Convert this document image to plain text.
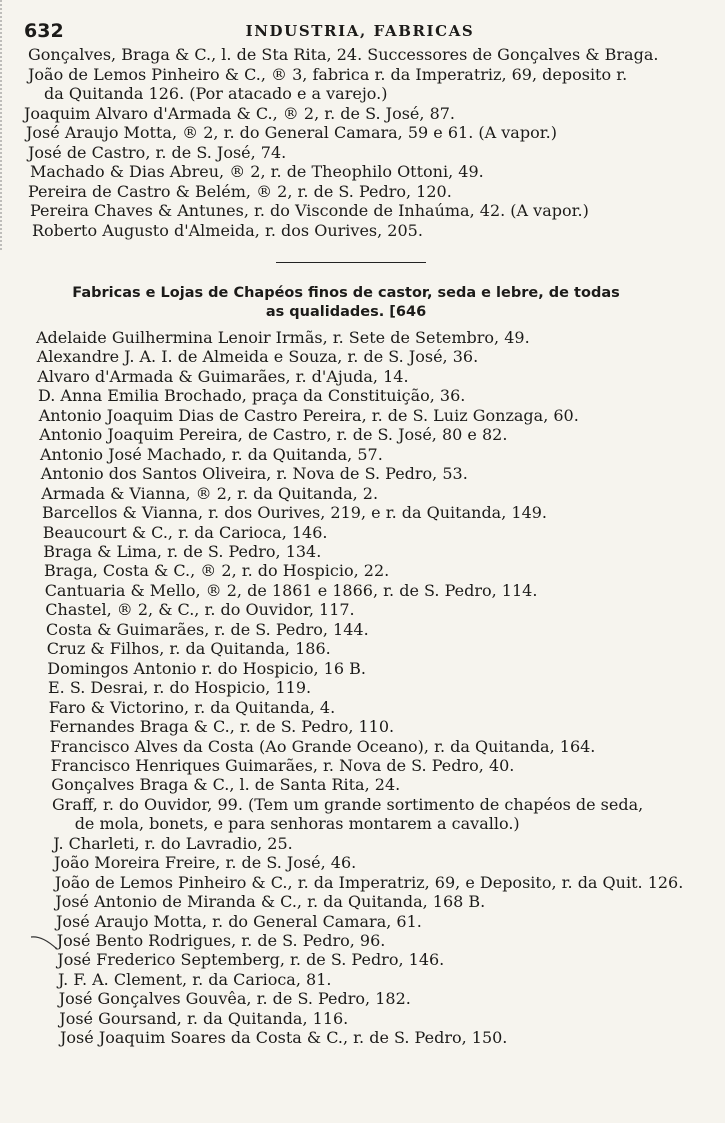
632	INDUSTRIA, FABRICAS
Gonçalves, Braga & C., l. de Sta Rita, 24. Successores de Gonçalves & Braga.
João de Lemos Pinheiro & C., ® 3, fabrica r. da Imperatriz, 69, deposito r.
da Quitanda 126. (Por atacado e a varejo.)
Joaquim Alvaro d'Armada & C., ® 2, r. de S. José, 87.
José Araujo Motta, ® 2, r. do General Camara, 59 e 61. (A vapor.)
José de Castro, r. de S. José, 74.
Machado & Dias Abreu, ® 2, r. de Theophilo Ottoni, 49.
Pereira de Castro & Belém, ® 2, r. de S. Pedro, 120.
Pereira Chaves & Antunes, r. do Visconde de Inhaúma, 42. (A vapor.)
Roberto Augusto d'Almeida, r. dos Ourives, 205.
Fabricas e Lojas de Chapéos finos de castor, seda e lebre, de todas as qualidades. [646
Adelaide Guilhermina Lenoir Irmãs, r. Sete de Setembro, 49.
Alexandre J. A. I. de Almeida e Souza, r. de S. José, 36.
Alvaro d'Armada & Guimarães, r. d'Ajuda, 14.
D. Anna Emilia Brochado, praça da Constituição, 36.
Antonio Joaquim Dias de Castro Pereira, r. de S. Luiz Gonzaga, 60.
Antonio Joaquim Pereira, de Castro, r. de S. José, 80 e 82.
Antonio José Machado, r. da Quitanda, 57.
Antonio dos Santos Oliveira, r. Nova de S. Pedro, 53.
Armada & Vianna, ® 2, r. da Quitanda, 2.
Barcellos & Vianna, r. dos Ourives, 219, e r. da Quitanda, 149.
Beaucourt & C., r. da Carioca, 146.
Braga & Lima, r. de S. Pedro, 134.
Braga, Costa & C., ® 2, r. do Hospicio, 22.
Cantuaria & Mello, ® 2, de 1861 e 1866, r. de S. Pedro, 114.
Chastel, ® 2, & C., r. do Ouvidor, 117.
Costa & Guimarães, r. de S. Pedro, 144.
Cruz & Filhos, r. da Quitanda, 186.
Domingos Antonio r. do Hospicio, 16 B.
E. S. Desrai, r. do Hospicio, 119.
Faro & Victorino, r. da Quitanda, 4.
Fernandes Braga & C., r. de S. Pedro, 110.
Francisco Alves da Costa (Ao Grande Oceano), r. da Quitanda, 164.
Francisco Henriques Guimarães, r. Nova de S. Pedro, 40.
Gonçalves Braga & C., l. de Santa Rita, 24.
Graff, r. do Ouvidor, 99. (Tem um grande sortimento de chapéos de seda,
de mola, bonets, e para senhoras montarem a cavallo.)
J. Charleti, r. do Lavradio, 25.
João Moreira Freire, r. de S. José, 46.
João de Lemos Pinheiro & C., r. da Imperatriz, 69, e Deposito, r. da Quit. 126.
José Antonio de Miranda & C., r. da Quitanda, 168 B.
José Araujo Motta, r. do General Camara, 61.
José Bento Rodrigues, r. de S. Pedro, 96.
José Frederico Septemberg, r. de S. Pedro, 146.
J. F. A. Clement, r. da Carioca, 81.
José Gonçalves Gouvêa, r. de S. Pedro, 182.
José Goursand, r. da Quitanda, 116.
José Joaquim Soares da Costa & C., r. de S. Pedro, 150.
